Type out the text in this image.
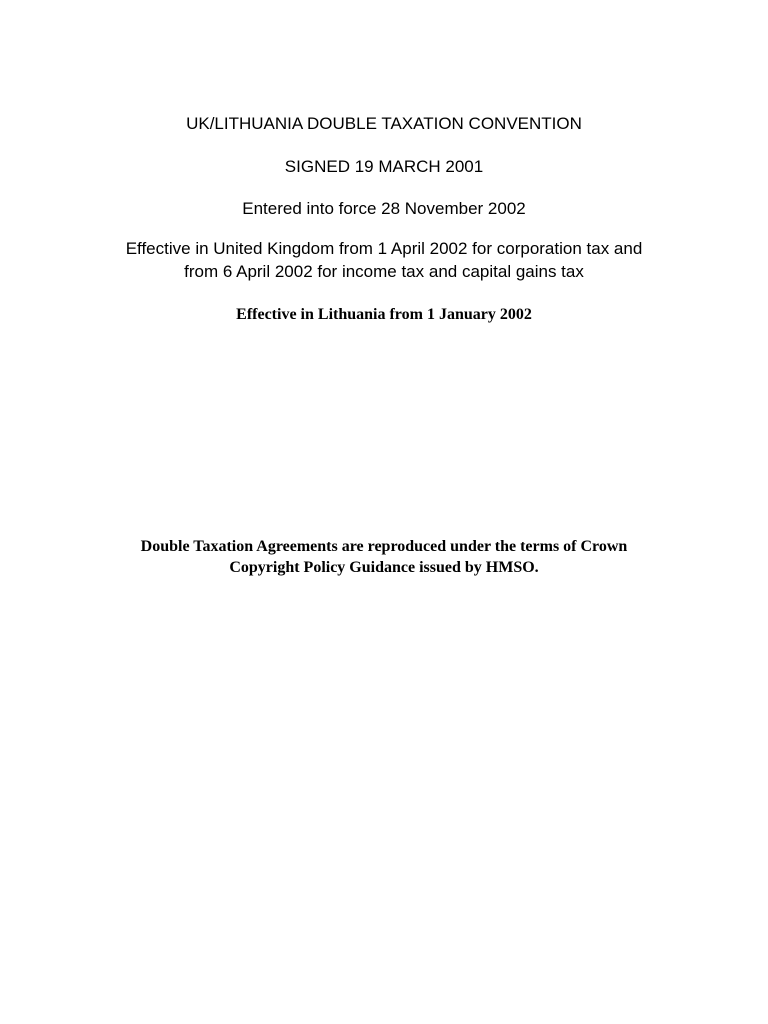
UK/LITHUANIA DOUBLE TAXATION CONVENTION
SIGNED 19 MARCH 2001
Entered into force 28 November 2002
Effective in United Kingdom from 1 April 2002 for corporation tax and
from 6 April 2002 for income tax and capital gains tax
Effective in Lithuania from 1 January 2002
Double Taxation Agreements are reproduced under the terms of Crown
Copyright Policy Guidance issued by HMSO.
